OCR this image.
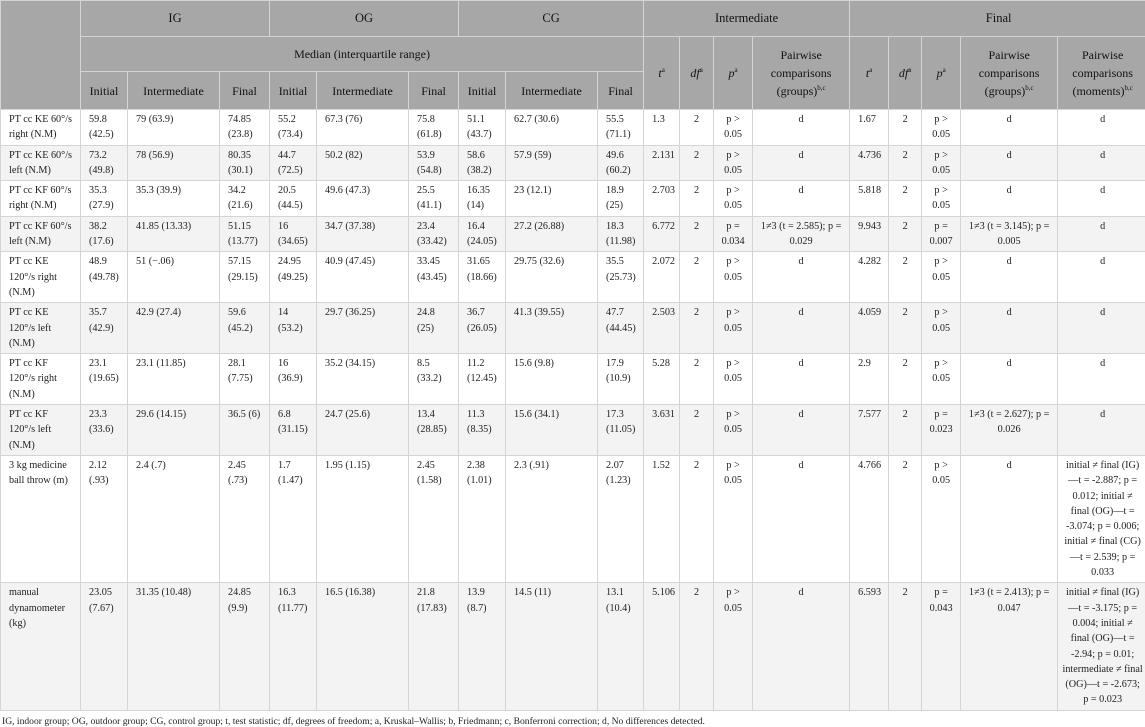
	IG			OG			CG			Intermediate				Final				
	Median (interquartile range)									$t^a$	$df^a$	$p^a$	Pairwise comparisons (groups)$^{b,c}$	$t^a$	$df^a$	$p^a$	Pairwise comparisons (groups)$^{b,c}$	Pairwise comparisons (moments)$^{b,c}$
	Initial	Intermediate	Final	Initial	Intermediate	Final	Initial	Intermediate	Final									
PT cc KE 60°/s right (N.M)	59.8 (42.5)	79 (63.9)	74.85 (23.8)	55.2 (73.4)	67.3 (76)	75.8 (61.8)	51.1 (43.7)	62.7 (30.6)	55.5 (71.1)	1.3	2	p > 0.05	d	1.67	2	p > 0.05	d	d
PT cc KE 60°/s left (N.M)	73.2 (49.8)	78 (56.9)	80.35 (30.1)	44.7 (72.5)	50.2 (82)	53.9 (54.8)	58.6 (38.2)	57.9 (59)	49.6 (60.2)	2.131	2	p > 0.05	d	4.736	2	p > 0.05	d	d
PT cc KF 60°/s right (N.M)	35.3 (27.9)	35.3 (39.9)	34.2 (21.6)	20.5 (44.5)	49.6 (47.3)	25.5 (41.1)	16.35 (14)	23 (12.1)	18.9 (25)	2.703	2	p > 0.05	d	5.818	2	p > 0.05	d	d
PT cc KF 60°/s left (N.M)	38.2 (17.6)	41.85 (13.33)	51.15 (13.77)	16 (34.65)	34.7 (37.38)	23.4 (33.42)	16.4 (24.05)	27.2 (26.88)	18.3 (11.98)	6.772	2	p = 0.034	1≠3 (t = 2.585); p = 0.029	9.943	2	p = 0.007	1≠3 (t = 3.145); p = 0.005	d
PT cc KE 120°/s right (N.M)	48.9 (49.78)	51 (−.06)	57.15 (29.15)	24.95 (49.25)	40.9 (47.45)	33.45 (43.45)	31.65 (18.66)	29.75 (32.6)	35.5 (25.73)	2.072	2	p > 0.05	d	4.282	2	p > 0.05	d	d
PT cc KE 120°/s left (N.M)	35.7 (42.9)	42.9 (27.4)	59.6 (45.2)	14 (53.2)	29.7 (36.25)	24.8 (25)	36.7 (26.05)	41.3 (39.55)	47.7 (44.45)	2.503	2	p > 0.05	d	4.059	2	p > 0.05	d	d
PT cc KF 120°/s right (N.M)	23.1 (19.65)	23.1 (11.85)	28.1 (7.75)	16 (36.9)	35.2 (34.15)	8.5 (33.2)	11.2 (12.45)	15.6 (9.8)	17.9 (10.9)	5.28	2	p > 0.05	d	2.9	2	p > 0.05	d	d
PT cc KF 120°/s left (N.M)	23.3 (33.6)	29.6 (14.15)	36.5 (6)	6.8 (31.15)	24.7 (25.6)	13.4 (28.85)	11.3 (8.35)	15.6 (34.1)	17.3 (11.05)	3.631	2	p > 0.05	d	7.577	2	p = 0.023	1≠3 (t = 2.627); p = 0.026	d
3 kg medicine ball throw (m)	2.12 (.93)	2.4 (.7)	2.45 (.73)	1.7 (1.47)	1.95 (1.15)	2.45 (1.58)	2.38 (1.01)	2.3 (.91)	2.07 (1.23)	1.52	2	p > 0.05	d	4.766	2	p > 0.05	d	initial ≠ final (IG)—t = -2.887; p = 0.012; initial ≠ final (OG)—t = -3.074; p = 0.006; initial ≠ final (CG)—t = 2.539; p = 0.033
manual dynamometer (kg)	23.05 (7.67)	31.35 (10.48)	24.85 (9.9)	16.3 (11.77)	16.5 (16.38)	21.8 (17.83)	13.9 (8.7)	14.5 (11)	13.1 (10.4)	5.106	2	p > 0.05	d	6.593	2	p = 0.043	1≠3 (t = 2.413); p = 0.047	initial ≠ final (IG)—t = -3.175; p = 0.004; initial ≠ final (OG)—t = -2.94; p = 0.01; intermediate ≠ final (OG)—t = -2.673; p = 0.023
IG, indoor group; OG, outdoor group; CG, control group; t, test statistic; df, degrees of freedom; a, Kruskal–Wallis; b, Friedmann; c, Bonferroni correction; d, No differences detected.
